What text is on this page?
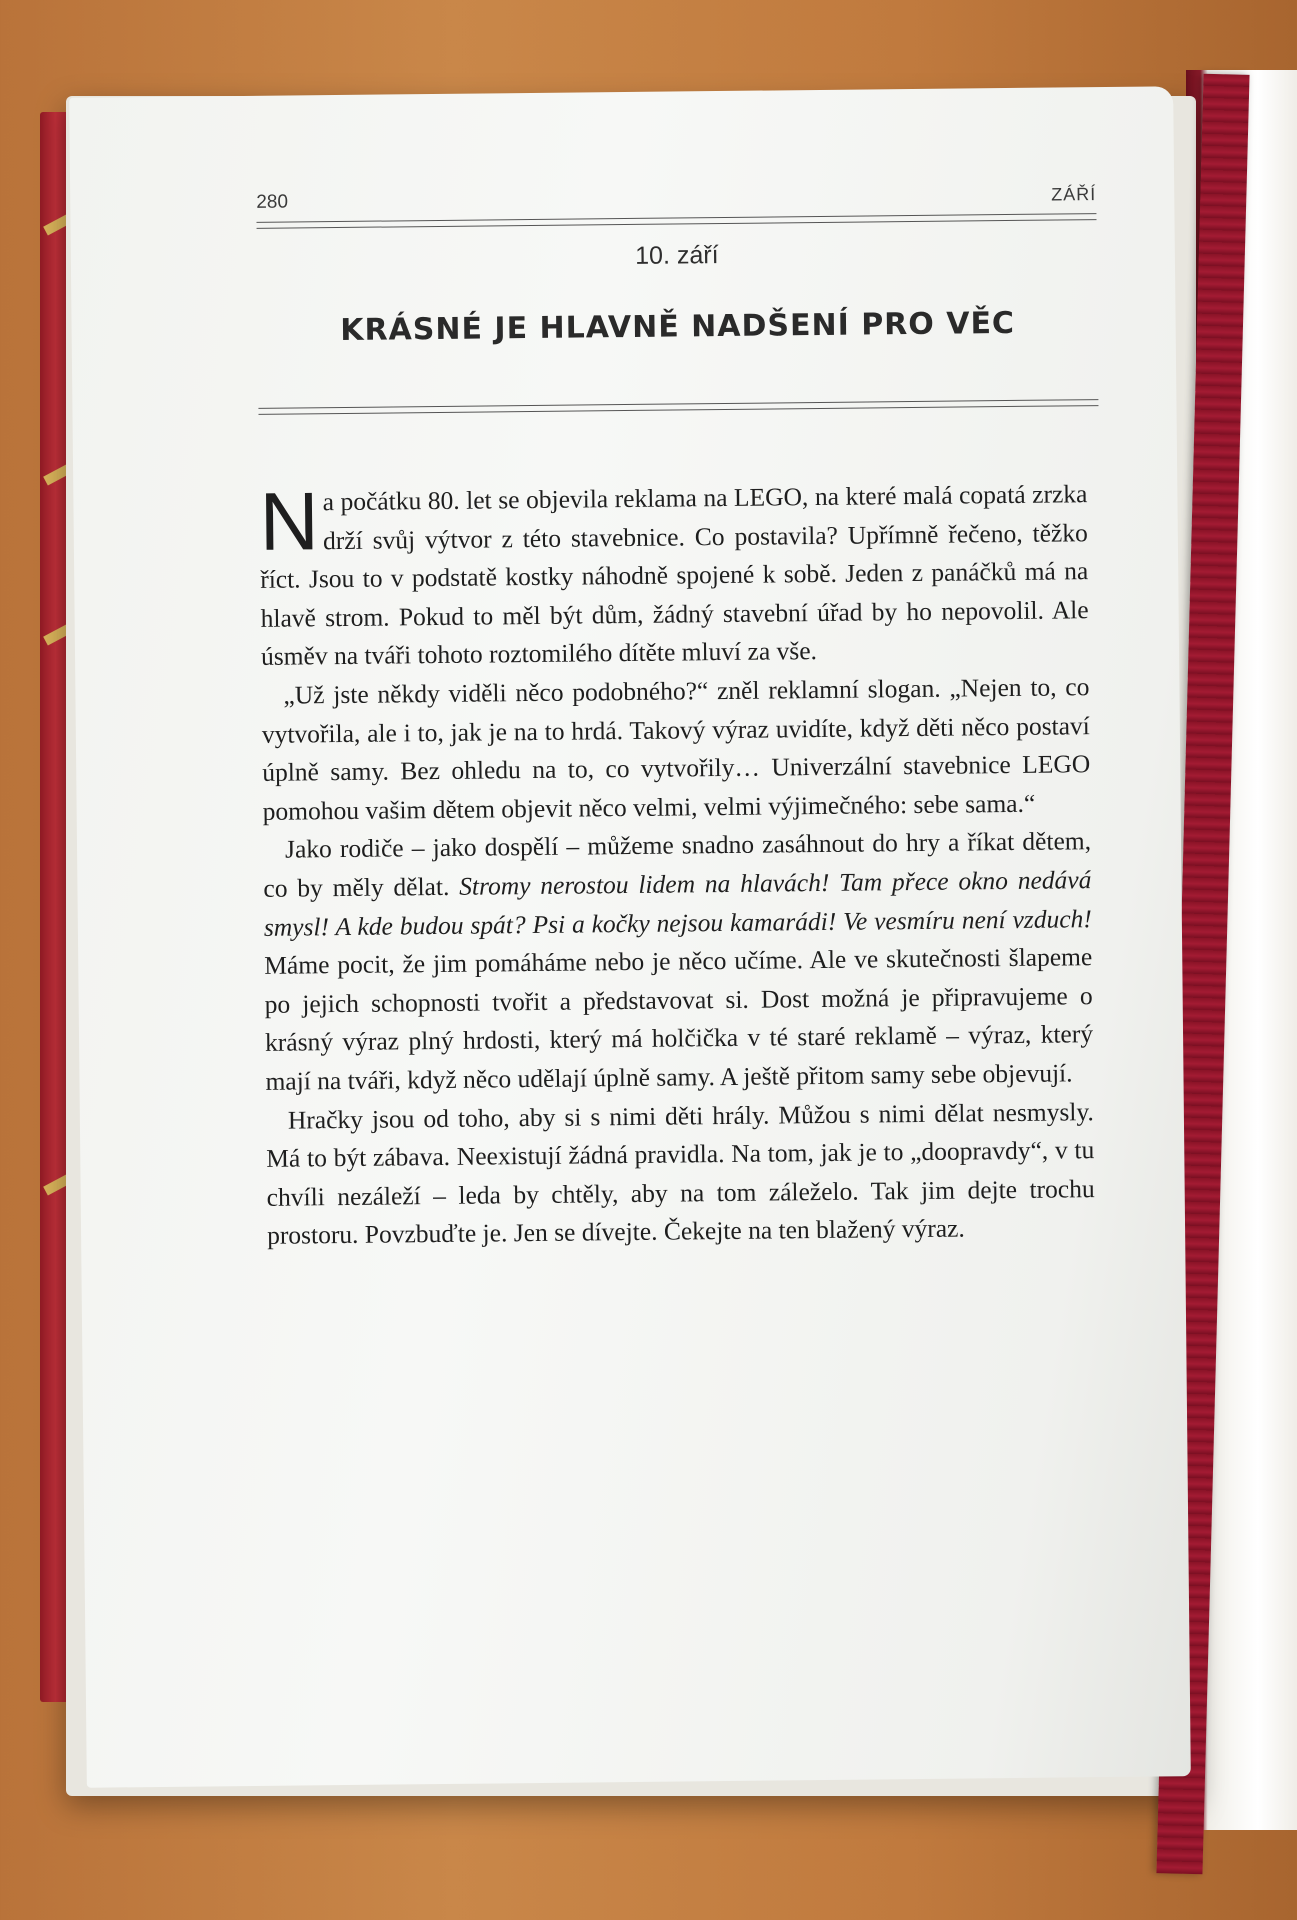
280	ZÁŘÍ
10. září
KRÁSNÉ JE HLAVNĚ NADŠENÍ PRO VĚC

Na počátku 80. let se objevila reklama na LEGO, na které malá copatá zrzka drží svůj výtvor z této stavebnice. Co postavila? Upřímně řečeno, těžko říct. Jsou to v podstatě kostky náhodně spojené k sobě. Jeden z panáčků má na hlavě strom. Pokud to měl být dům, žádný stavební úřad by ho nepovolil. Ale úsměv na tváři tohoto roztomilého dítěte mluví za vše.

„Už jste někdy viděli něco podobného?“ zněl reklamní slogan. „Nejen to, co vytvořila, ale i to, jak je na to hrdá. Takový výraz uvidíte, když děti něco postaví úplně samy. Bez ohledu na to, co vytvořily… Univerzální stavebnice LEGO pomohou vašim dětem objevit něco velmi, velmi výjimečného: sebe sama.“

Jako rodiče – jako dospělí – můžeme snadno zasáhnout do hry a říkat dětem, co by měly dělat. Stromy nerostou lidem na hlavách! Tam přece okno nedává smysl! A kde budou spát? Psi a kočky nejsou kamarádi! Ve vesmíru není vzduch! Máme pocit, že jim pomáháme nebo je něco učíme. Ale ve skutečnosti šlapeme po jejich schopnosti tvořit a představovat si. Dost možná je připravujeme o krásný výraz plný hrdosti, který má holčička v té staré reklamě – výraz, který mají na tváři, když něco udělají úplně samy. A ještě přitom samy sebe objevují.

Hračky jsou od toho, aby si s nimi děti hrály. Můžou s nimi dělat nesmysly. Má to být zábava. Neexistují žádná pravidla. Na tom, jak je to „doopravdy“, v tu chvíli nezáleží – leda by chtěly, aby na tom záleželo. Tak jim dejte trochu prostoru. Povzbuďte je. Jen se dívejte. Čekejte na ten blažený výraz.
